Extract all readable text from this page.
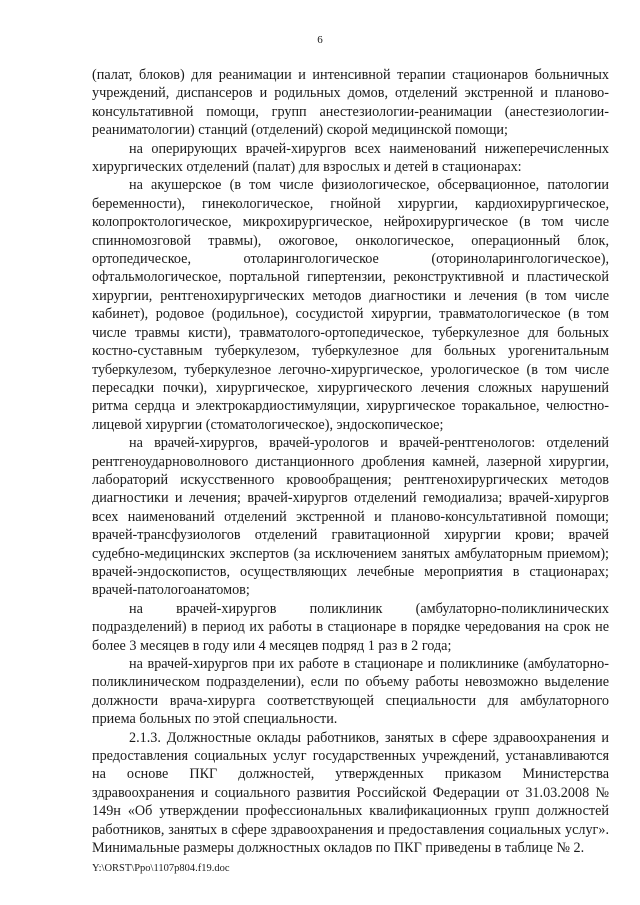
6

(палат, блоков) для реанимации и интенсивной терапии стационаров больничных учреждений, диспансеров и родильных домов, отделений экстренной и планово-консультативной помощи, групп анестезиологии-реанимации (анестезиологии-реаниматологии) станций (отделений) скорой медицинской помощи;

на оперирующих врачей-хирургов всех наименований нижеперечисленных хирургических отделений (палат) для взрослых и детей в стационарах:

на акушерское (в том числе физиологическое, обсервационное, патологии беременности), гинекологическое, гнойной хирургии, кардиохирургическое, колопроктологическое, микрохирургическое, нейрохирургическое (в том числе спинномозговой травмы), ожоговое, онкологическое, операционный блок, ортопедическое, отоларингологическое (оториноларингологическое), офтальмологическое, портальной гипертензии, реконструктивной и пластической хирургии, рентгенохирургических методов диагностики и лечения (в том числе кабинет), родовое (родильное), сосудистой хирургии, травматологическое (в том числе травмы кисти), травматолого-ортопедическое, туберкулезное для больных костно-суставным туберкулезом, туберкулезное для больных урогенитальным туберкулезом, туберкулезное легочно-хирургическое, урологическое (в том числе пересадки почки), хирургическое, хирургического лечения сложных нарушений ритма сердца и электрокардиостимуляции, хирургическое торакальное, челюстно-лицевой хирургии (стоматологическое), эндоскопическое;

на врачей-хирургов, врачей-урологов и врачей-рентгенологов: отделений рентгеноударноволнового дистанционного дробления камней, лазерной хирургии, лабораторий искусственного кровообращения; рентгенохирургических методов диагностики и лечения; врачей-хирургов отделений гемодиализа; врачей-хирургов всех наименований отделений экстренной и планово-консультативной помощи; врачей-трансфузиологов отделений гравитационной хирургии крови; врачей судебно-медицинских экспертов (за исключением занятых амбулаторным приемом); врачей-эндоскопистов, осуществляющих лечебные мероприятия в стационарах; врачей-патологоанатомов;

на врачей-хирургов поликлиник (амбулаторно-поликлинических подразделений) в период их работы в стационаре в порядке чередования на срок не более 3 месяцев в году или 4 месяцев подряд 1 раз в 2 года;

на врачей-хирургов при их работе в стационаре и поликлинике (амбулаторно-поликлиническом подразделении), если по объему работы невозможно выделение должности врача-хирурга соответствующей специальности для амбулаторного приема больных по этой специальности.

2.1.3. Должностные оклады работников, занятых в сфере здравоохранения и предоставления социальных услуг государственных учреждений, устанавливаются на основе ПКГ должностей, утвержденных приказом Министерства здравоохранения и социального развития Российской Федерации от 31.03.2008 № 149н «Об утверждении профессиональных квалификационных групп должностей работников, занятых в сфере здравоохранения и предоставления социальных услуг». Минимальные размеры должностных окладов по ПКГ приведены в таблице № 2.

Y:\ORST\Ppo\1107p804.f19.doc
